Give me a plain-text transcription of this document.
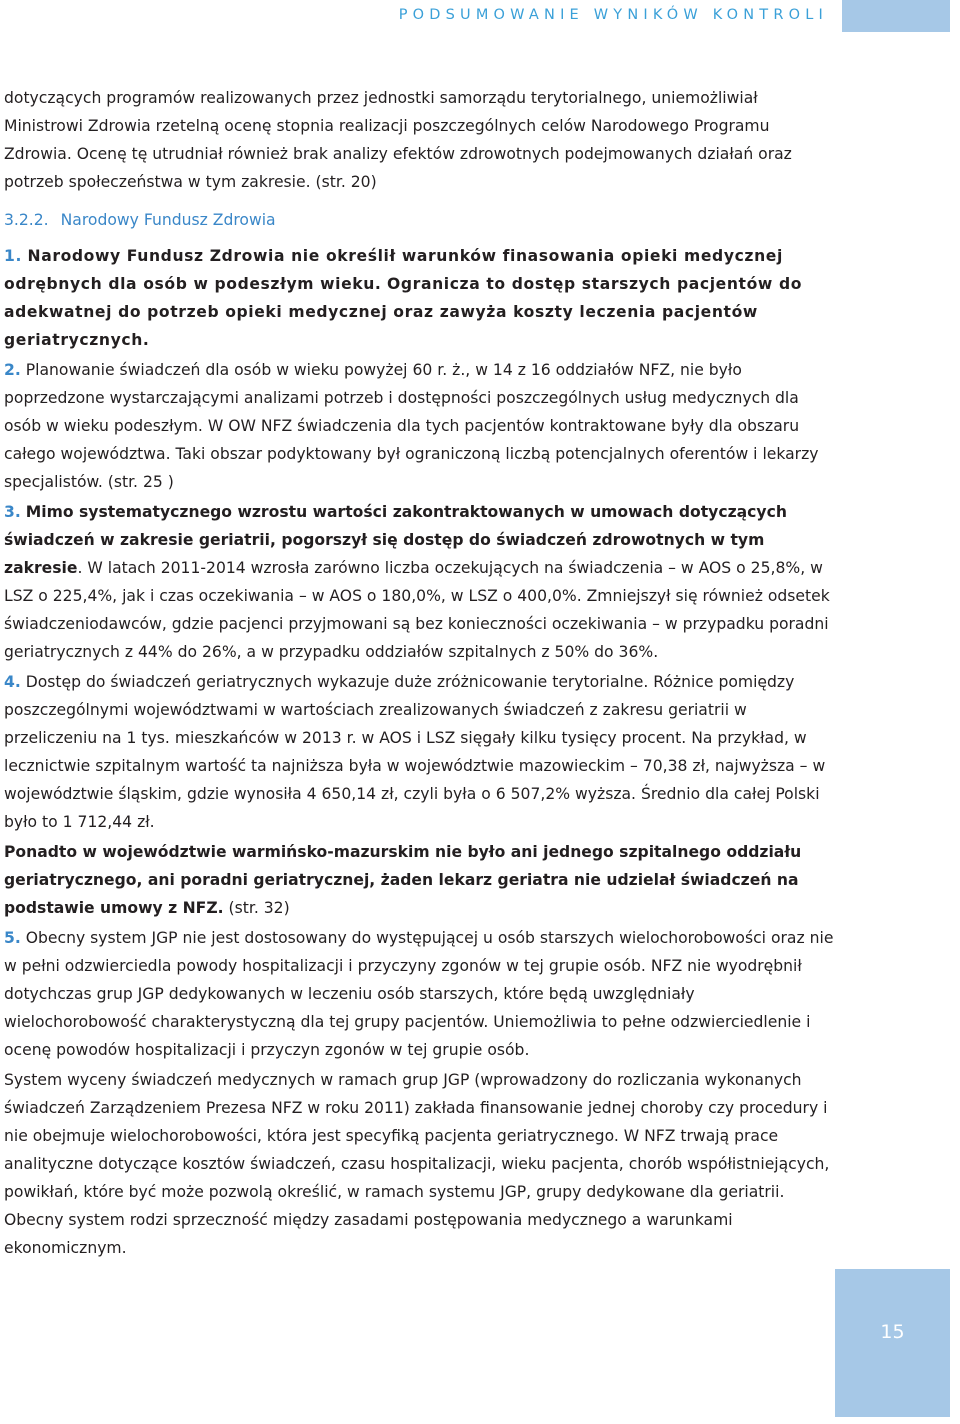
PODSUMOWANIE WYNIKÓW KONTROLI

dotyczących programów realizowanych przez jednostki samorządu terytorialnego, uniemożliwiał Ministrowi Zdrowia rzetelną ocenę stopnia realizacji poszczególnych celów Narodowego Programu Zdrowia. Ocenę tę utrudniał również brak analizy efektów zdrowotnych podejmowanych działań oraz potrzeb społeczeństwa w tym zakresie. (str. 20)

3.2.2. Narodowy Fundusz Zdrowia

1. Narodowy Fundusz Zdrowia nie określił warunków finasowania opieki medycznej odrębnych dla osób w podeszłym wieku. Ogranicza to dostęp starszych pacjentów do adekwatnej do potrzeb opieki medycznej oraz zawyża koszty leczenia pacjentów geriatrycznych.

2. Planowanie świadczeń dla osób w wieku powyżej 60 r. ż., w 14 z 16 oddziałów NFZ, nie było poprzedzone wystarczającymi analizami potrzeb i dostępności poszczególnych usług medycznych dla osób w wieku podeszłym. W OW NFZ świadczenia dla tych pacjentów kontraktowane były dla obszaru całego województwa. Taki obszar podyktowany był ograniczoną liczbą potencjalnych oferentów i lekarzy specjalistów. (str. 25 )

3. Mimo systematycznego wzrostu wartości zakontraktowanych w umowach dotyczących świadczeń w zakresie geriatrii, pogorszył się dostęp do świadczeń zdrowotnych w tym zakresie. W latach 2011-2014 wzrosła zarówno liczba oczekujących na świadczenia – w AOS o 25,8%, w LSZ o 225,4%, jak i czas oczekiwania – w AOS o 180,0%, w LSZ o 400,0%. Zmniejszył się również odsetek świadczeniodawców, gdzie pacjenci przyjmowani są bez konieczności oczekiwania – w przypadku poradni geriatrycznych z 44% do 26%, a w przypadku oddziałów szpitalnych z 50% do 36%.

4. Dostęp do świadczeń geriatrycznych wykazuje duże zróżnicowanie terytorialne. Różnice pomiędzy poszczególnymi województwami w wartościach zrealizowanych świadczeń z zakresu geriatrii w przeliczeniu na 1 tys. mieszkańców w 2013 r. w AOS i LSZ sięgały kilku tysięcy procent. Na przykład, w lecznictwie szpitalnym wartość ta najniższa była w województwie mazowieckim – 70,38 zł, najwyższa – w województwie śląskim, gdzie wynosiła 4 650,14 zł, czyli była o 6 507,2% wyższa. Średnio dla całej Polski było to 1 712,44 zł.

Ponadto w województwie warmińsko-mazurskim nie było ani jednego szpitalnego oddziału geriatrycznego, ani poradni geriatrycznej, żaden lekarz geriatra nie udzielał świadczeń na podstawie umowy z NFZ. (str. 32)

5. Obecny system JGP nie jest dostosowany do występującej u osób starszych wielochorobowości oraz nie w pełni odzwierciedla powody hospitalizacji i przyczyny zgonów w tej grupie osób. NFZ nie wyodrębnił dotychczas grup JGP dedykowanych w leczeniu osób starszych, które będą uwzględniały wielochorobowość charakterystyczną dla tej grupy pacjentów. Uniemożliwia to pełne odzwierciedlenie i ocenę powodów hospitalizacji i przyczyn zgonów w tej grupie osób.

System wyceny świadczeń medycznych w ramach grup JGP (wprowadzony do rozliczania wykonanych świadczeń Zarządzeniem Prezesa NFZ w roku 2011) zakłada finansowanie jednej choroby czy procedury i nie obejmuje wielochorobowości, która jest specyfiką pacjenta geriatrycznego. W NFZ trwają prace analityczne dotyczące kosztów świadczeń, czasu hospitalizacji, wieku pacjenta, chorób współistniejących, powikłań, które być może pozwolą określić, w ramach systemu JGP, grupy dedykowane dla geriatrii. Obecny system rodzi sprzeczność między zasadami postępowania medycznego a warunkami ekonomicznym.

15
